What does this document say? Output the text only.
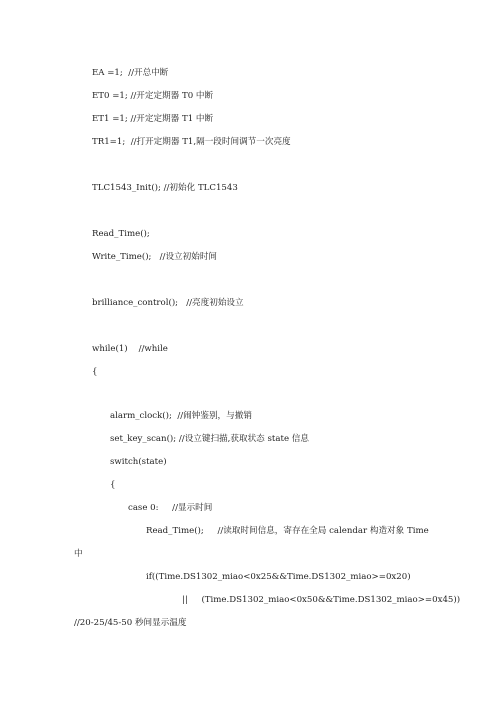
EA =1;  //开总中断
ET0 =1; //开定定期器 T0 中断
ET1 =1; //开定定期器 T1 中断
TR1=1;  //打开定期器 T1,隔一段时间调节一次亮度
TLC1543_Init(); //初始化 TLC1543
Read_Time();
Write_Time();   //设立初始时间
brilliance_control();   //亮度初始设立
while(1)    //while
{
alarm_clock();  //闹钟鉴别，与撤销
set_key_scan(); //设立键扫描,获取状态 state 信息
switch(state)
{
case 0:     //显示时间
Read_Time();     //读取时间信息，寄存在全局 calendar 构造对象 Time
中
if((Time.DS1302_miao<0x25&&Time.DS1302_miao>=0x20)
||     (Time.DS1302_miao<0x50&&Time.DS1302_miao>=0x45))
//20-25/45-50 秒间显示温度
